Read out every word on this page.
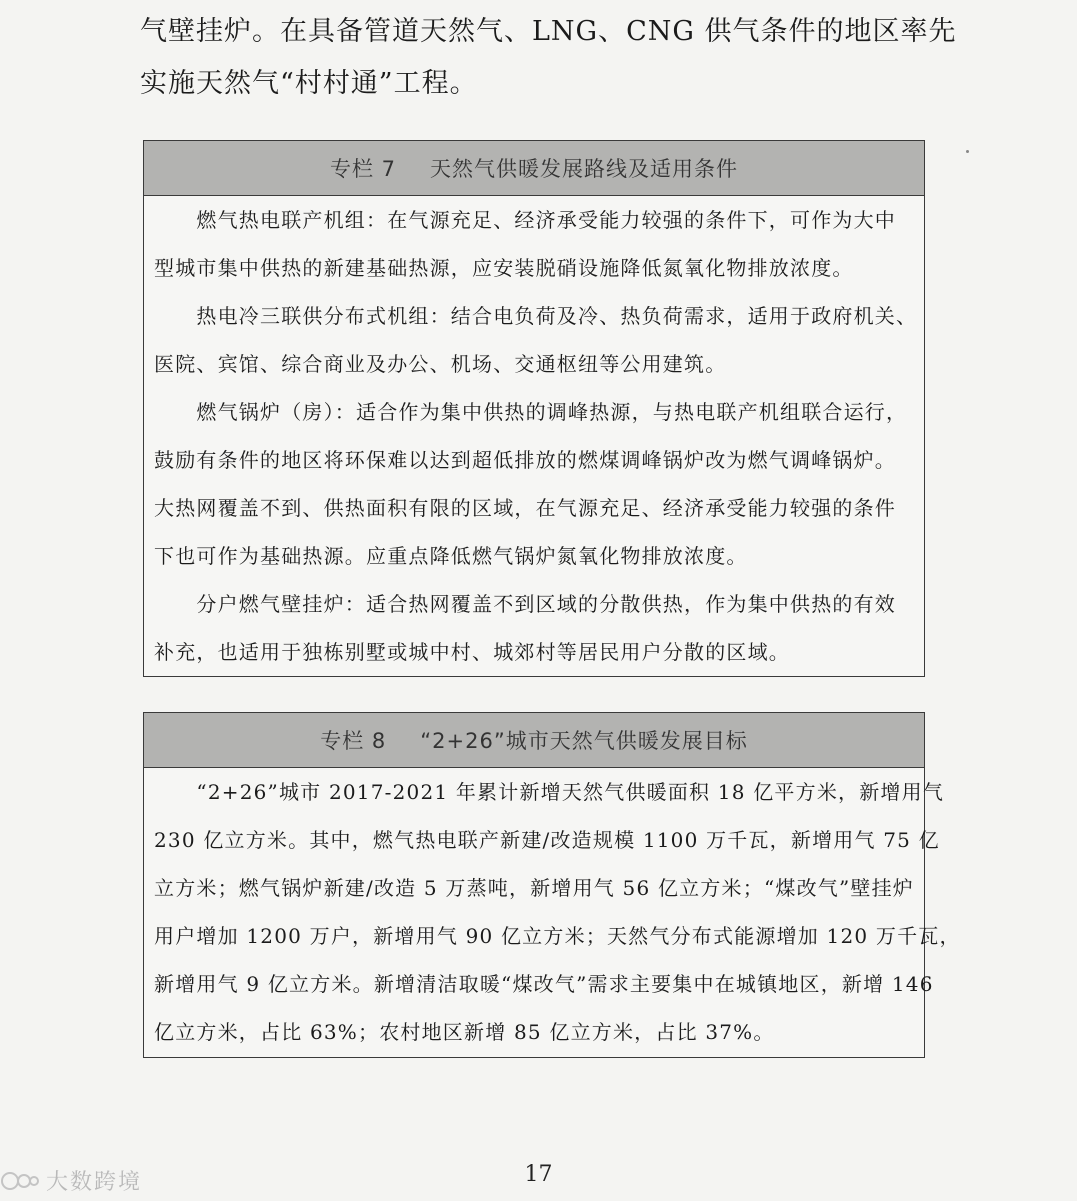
气壁挂炉。在具备管道天然气、LNG、CNG 供气条件的地区率先

实施天然气“村村通”工程。

专栏 7 天然气供暖发展路线及适用条件
　　燃气热电联产机组：在气源充足、经济承受能力较强的条件下，可作为大中
型城市集中供热的新建基础热源，应安装脱硝设施降低氮氧化物排放浓度。
　　热电冷三联供分布式机组：结合电负荷及冷、热负荷需求，适用于政府机关、
医院、宾馆、综合商业及办公、机场、交通枢纽等公用建筑。
　　燃气锅炉（房）：适合作为集中供热的调峰热源，与热电联产机组联合运行，
鼓励有条件的地区将环保难以达到超低排放的燃煤调峰锅炉改为燃气调峰锅炉。
大热网覆盖不到、供热面积有限的区域，在气源充足、经济承受能力较强的条件
下也可作为基础热源。应重点降低燃气锅炉氮氧化物排放浓度。
　　分户燃气壁挂炉：适合热网覆盖不到区域的分散供热，作为集中供热的有效
补充，也适用于独栋别墅或城中村、城郊村等居民用户分散的区域。
专栏 8 “2+26”城市天然气供暖发展目标
　　“2+26”城市 2017-2021 年累计新增天然气供暖面积 18 亿平方米，新增用气
230 亿立方米。其中，燃气热电联产新建/改造规模 1100 万千瓦，新增用气 75 亿
立方米；燃气锅炉新建/改造 5 万蒸吨，新增用气 56 亿立方米；“煤改气”壁挂炉
用户增加 1200 万户，新增用气 90 亿立方米；天然气分布式能源增加 120 万千瓦，
新增用气 9 亿立方米。新增清洁取暖“煤改气”需求主要集中在城镇地区，新增 146
亿立方米，占比 63%；农村地区新增 85 亿立方米，占比 37%。
17
大数跨境
